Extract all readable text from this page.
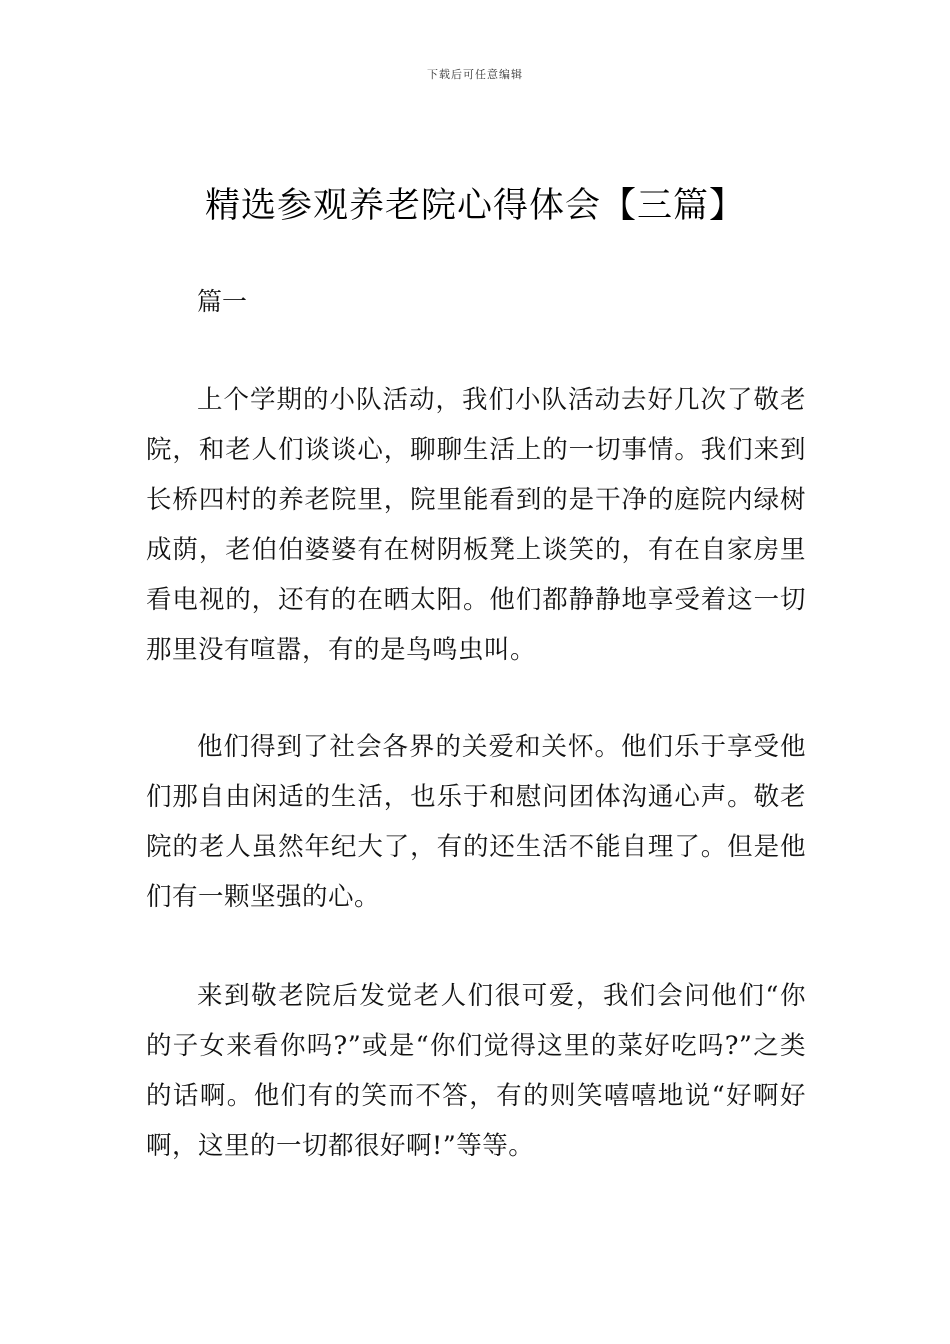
下载后可任意编辑
精选参观养老院心得体会【三篇】
篇一

上个学期的小队活动，我们小队活动去好几次了敬老院，和老人们谈谈心，聊聊生活上的一切事情。我们来到长桥四村的养老院里，院里能看到的是干净的庭院内绿树成荫，老伯伯婆婆有在树阴板凳上谈笑的，有在自家房里看电视的，还有的在晒太阳。他们都静静地享受着这一切那里没有喧嚣，有的是鸟鸣虫叫。

他们得到了社会各界的关爱和关怀。他们乐于享受他们那自由闲适的生活，也乐于和慰问团体沟通心声。敬老院的老人虽然年纪大了，有的还生活不能自理了。但是他们有一颗坚强的心。

来到敬老院后发觉老人们很可爱，我们会问他们“你的子女来看你吗?”或是“你们觉得这里的菜好吃吗?”之类的话啊。他们有的笑而不答，有的则笑嘻嘻地说“好啊好啊，这里的一切都很好啊!”等等。
